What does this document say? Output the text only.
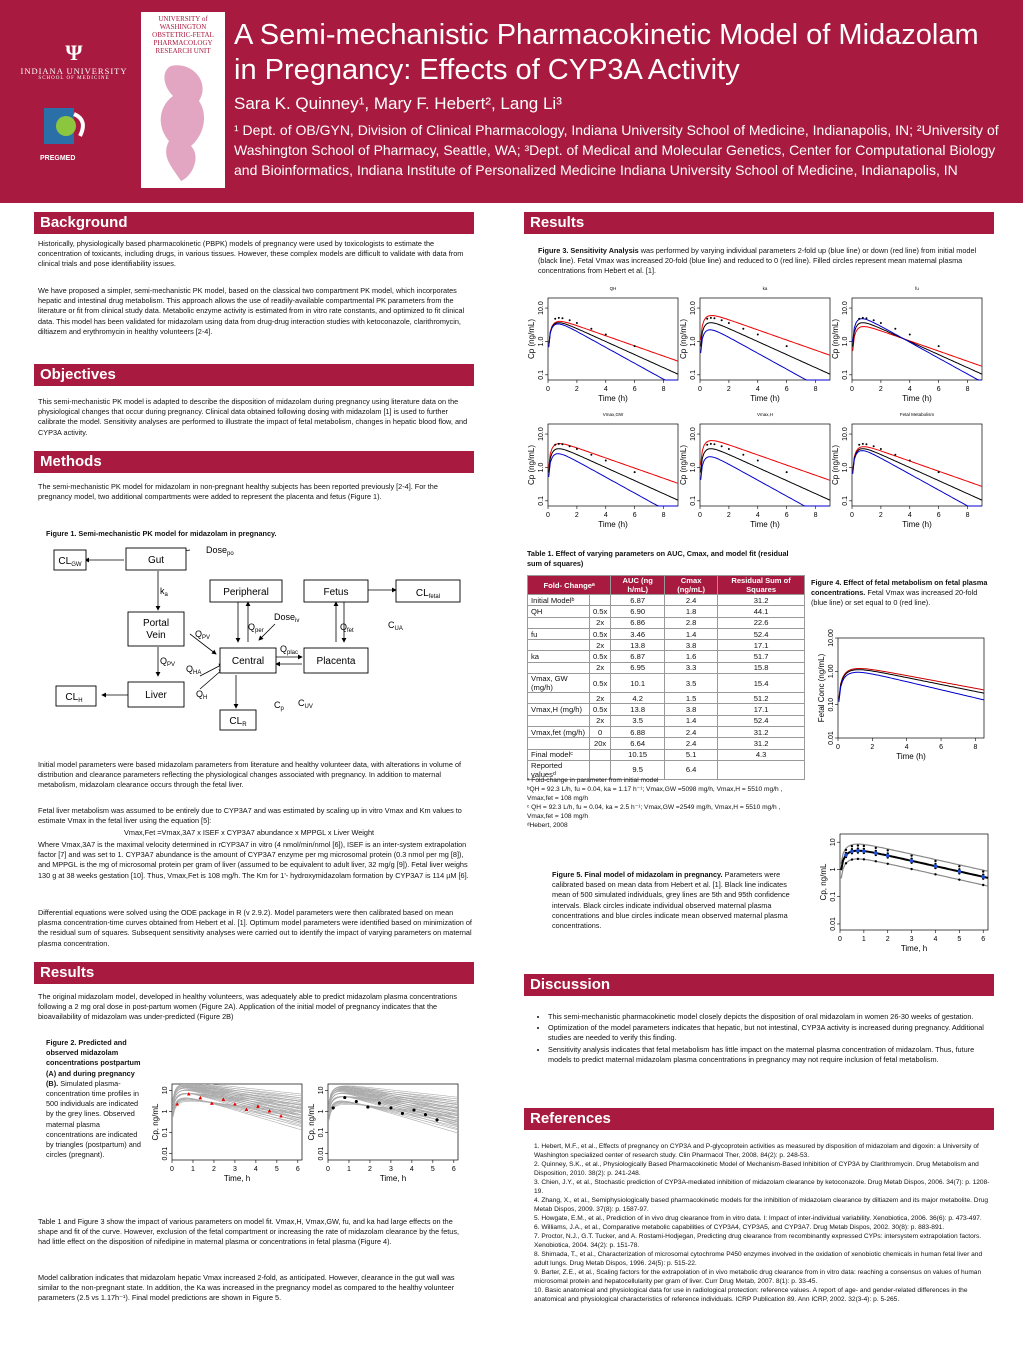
Ψ
INDIANA UNIVERSITY
SCHOOL OF MEDICINE
UNIVERSITY of WASHINGTON OBSTETRIC-FETAL PHARMACOLOGY RESEARCH UNIT
PREGMED
A Semi-mechanistic Pharmacokinetic Model of Midazolam
in Pregnancy: Effects of CYP3A Activity
Sara K. Quinney¹, Mary F. Hebert², Lang Li³
¹ Dept. of OB/GYN, Division of Clinical Pharmacology, Indiana University School of Medicine, Indianapolis, IN; ²University of Washington School of Pharmacy, Seattle, WA; ³Dept. of Medical and Molecular Genetics, Center for Computational Biology and Bioinformatics, Indiana Institute of Personalized Medicine Indiana University School of Medicine, Indianapolis, IN
Background
Historically, physiologically based pharmacokinetic (PBPK) models of pregnancy were used by toxicologists to estimate the concentration of toxicants, including drugs, in various tissues. However, these complex models are difficult to validate with data from clinical trials and pose identifiability issues.
We have proposed a simpler, semi-mechanistic PK model, based on the classical two compartment PK model, which incorporates hepatic and intestinal drug metabolism. This approach allows the use of readily-available compartmental PK parameters from the literature or fit from clinical study data. Metabolic enzyme activity is estimated from in vitro rate constants, and optimized to fit clinical data. This model has been validated for midazolam using data from drug-drug interaction studies with ketoconazole, clarithromycin, diltiazem and erythromycin in healthy volunteers [2-4].
Objectives
This semi-mechanistic PK model is adapted to describe the disposition of midazolam during pregnancy using literature data on the physiological changes that occur during pregnancy. Clinical data obtained following dosing with midazolam [1] is used to further calibrate the model. Sensitivity analyses are performed to illustrate the impact of fetal metabolism, changes in hepatic blood flow, and CYP3A activity.
Methods
The semi-mechanistic PK model for midazolam in non-pregnant healthy subjects has been reported previously [2-4]. For the pregnancy model, two additional compartments were added to represent the placenta and fetus (Figure 1).
Figure 1. Semi-mechanistic PK model for midazolam in pregnancy.
$CL_{GW}$	Gut
Peripheral	Fetus	$CL_{fetal}$
Portal
Vein
Central	Placenta
Liver
$CL_H$
$CL_R$
Dose$_{po}$
$k_a$
$Q_{PV}$
$Q_{per}$
Dose$_{iv}$
$Q_{fet}$
$C_{UA}$
$Q_{plac}$
$Q_{PV}$ $Q_{HA}$
$Q_H$
$C_p$
$C_{UV}$
Initial model parameters were based midazolam parameters from literature and healthy volunteer data, with alterations in volume of distribution and clearance parameters reflecting the physiological changes associated with pregnancy. In addition to maternal metabolism, midazolam clearance occurs through the fetal liver.
Fetal liver metabolism was assumed to be entirely due to CYP3A7 and was estimated by scaling up in vitro Vmax and Km values to estimate Vmax in the fetal liver using the equation [5]:
Vmax,Fet =Vmax,3A7 x ISEF x CYP3A7 abundance x MPPGL x Liver Weight
Where Vmax,3A7 is the maximal velocity determined in rCYP3A7 in vitro (4 nmol/min/nmol [6]), ISEF is an inter-system extrapolation factor [7] and was set to 1. CYP3A7 abundance is the amount of CYP3A7 enzyme per mg microsomal protein (0.3 nmol per mg [8]), and MPPGL is the mg of microsomal protein per gram of liver (assumed to be equivalent to adult liver, 32 mg/g [9]). Fetal liver weighs 130 g at 38 weeks gestation [10]. Thus, Vmax,Fet is 108 mg/h. The Km for 1'- hydroxymidazolam formation by CYP3A7 is 114 µM [6].
Differential equations were solved using the ODE package in R (v 2.9.2). Model parameters were then calibrated based on mean plasma concentration-time curves obtained from Hebert et al. [1]. Optimum model parameters were identified based on minimization of the residual sum of squares. Subsequent sensitivity analyses were carried out to identify the impact of varying parameters on maternal plasma concentration.
Results
The original midazolam model, developed in healthy volunteers, was adequately able to predict midazolam plasma concentrations following a 2 mg oral dose in post-partum women (Figure 2A). Application of the initial model of pregnancy indicates that the bioavailability of midazolam was under-predicted (Figure 2B)
Figure 2. Predicted and observed midazolam concentrations postpartum (A) and during pregnancy (B). Simulated plasma-concentration time profiles in 500 individuals are indicated by the grey lines. Observed maternal plasma concentrations are indicated by triangles (postpartum) and circles (pregnant).
0 1 2 3 4 5 6
0.01
0.1
1
10
Time, h
Cp, ng/mL
0 1 2 3 4 5 6
0.01
0.1
1
10
Time, h
Cp, ng/mL
Table 1 and Figure 3 show the impact of various parameters on model fit. Vmax,H, Vmax,GW, fu, and ka had large effects on the shape and fit of the curve. However, exclusion of the fetal compartment or increasing the rate of midazolam clearance by the fetus, had little effect on the disposition of nifedipine in maternal plasma or concentrations in fetal plasma (Figure 4).
Model calibration indicates that midazolam hepatic Vmax increased 2-fold, as anticipated. However, clearance in the gut wall was similar to the non-pregnant state. In addition, the Ka was increased in the pregnancy model as compared to the healthy volunteer parameters (2.5 vs 1.17h⁻¹). Final model predictions are shown in Figure 5.
Results
Figure 3. Sensitivity Analysis was performed by varying individual parameters 2-fold up (blue line) or down (red line) from initial model (black line). Fetal Vmax was increased 20-fold (blue line) and reduced to 0 (red line). Filled circles represent mean maternal plasma concentrations from Hebert et al. [1].
QH
0	2	4	6	8
0.1
1.0
10.0
Time (h)
Cp (ng/mL)
ka
0	2	4	6	8
0.1
1.0
10.0
Time (h)
Cp (ng/mL)
fu
0	2	4	6	8
0.1
1.0
10.0
Time (h)
Cp (ng/mL)
Vmax,GW
0	2	4	6	8
0.1
1.0
10.0
Time (h)
Cp (ng/mL)
Vmax,H
0	2	4	6	8
0.1
1.0
10.0
Time (h)
Cp (ng/mL)
Fetal Metabolism
0	2	4	6	8
0.1
1.0
10.0
Time (h)
Cp (ng/mL)
Table 1. Effect of varying parameters on AUC, Cmax, and model fit (residual sum of squares)
Fold- Changeᵃ		AUC (ng h/mL)	Cmax (ng/mL)	Residual Sum of Squares
Initial Modelᵇ		6.87	2.4	31.2
QH	0.5x	6.90	1.8	44.1
	2x	6.86	2.8	22.6
fu	0.5x	3.46	1.4	52.4
	2x	13.8	3.8	17.1
ka	0.5x	6.87	1.6	51.7
	2x	6.95	3.3	15.8
Vmax, GW (mg/h)	0.5x	10.1	3.5	15.4
	2x	4.2	1.5	51.2
Vmax,H (mg/h)	0.5x	13.8	3.8	17.1
	2x	3.5	1.4	52.4
Vmax,fet (mg/h)	0	6.88	2.4	31.2
	20x	6.64	2.4	31.2
Final modelᶜ		10.15	5.1	4.3
Reported valuesᵈ		9.5	6.4	
ᵃ Fold-change in parameter from initial model
ᵇQH = 92.3 L/h, fu = 0.04, ka = 1.17 h⁻¹; Vmax,GW =5098 mg/h, Vmax,H = 5510 mg/h , Vmax,fet = 108 mg/h
ᶜ QH = 92.3 L/h, fu = 0.04, ka = 2.5 h⁻¹; Vmax,GW =2549 mg/h, Vmax,H = 5510 mg/h , Vmax,fet = 108 mg/h
ᵈHebert, 2008
Figure 4. Effect of fetal metabolism on fetal plasma concentrations. Fetal Vmax was increased 20-fold (blue line) or set equal to 0 (red line).
0	2	4	6	8
0.01
0.10
1.00
10.00
Time (h)
Fetal Conc (ng/mL)
0	1	2	3	4	5	6
0.01
0.1
1
10
Time, h
Cp, ng/mL
Figure 5. Final model of midazolam in pregnancy. Parameters were calibrated based on mean data from Hebert et al. [1]. Black line indicates mean of 500 simulated individuals, grey lines are 5th and 95th confidence intervals. Black circles indicate individual observed maternal plasma concentrations and blue circles indicate mean observed maternal plasma concentrations.
Discussion
• This semi-mechanistic pharmacokinetic model closely depicts the disposition of oral midazolam in women 26-30 weeks of gestation.
• Optimization of the model parameters indicates that hepatic, but not intestinal, CYP3A activity is increased during pregnancy. Additional studies are needed to verify this finding.
• Sensitivity analysis indicates that fetal metabolism has little impact on the maternal plasma concentration of midazolam. Thus, future models to predict maternal midazolam plasma concentrations in pregnancy may not require inclusion of fetal metabolism.
References
1. Hebert, M.F., et al., Effects of pregnancy on CYP3A and P-glycoprotein activities as measured by disposition of midazolam and digoxin: a University of Washington specialized center of research study. Clin Pharmacol Ther, 2008. 84(2): p. 248-53.
2. Quinney, S.K., et al., Physiologically Based Pharmacokinetic Model of Mechanism-Based Inhibition of CYP3A by Clarithromycin. Drug Metabolism and Disposition, 2010. 38(2): p. 241-248.
3. Chien, J.Y., et al., Stochastic prediction of CYP3A-mediated inhibition of midazolam clearance by ketoconazole. Drug Metab Dispos, 2006. 34(7): p. 1208-19.
4. Zhang, X., et al., Semiphysiologically based pharmacokinetic models for the inhibition of midazolam clearance by diltiazem and its major metabolite. Drug Metab Dispos, 2009. 37(8): p. 1587-97.
5. Howgate, E.M., et al., Prediction of in vivo drug clearance from in vitro data. I: Impact of inter-individual variability. Xenobiotica, 2006. 36(6): p. 473-497.
6. Williams, J.A., et al., Comparative metabolic capabilities of CYP3A4, CYP3A5, and CYP3A7. Drug Metab Dispos, 2002. 30(8): p. 883-891.
7. Proctor, N.J., G.T. Tucker, and A. Rostami-Hodjegan, Predicting drug clearance from recombinantly expressed CYPs: intersystem extrapolation factors. Xenobiotica, 2004. 34(2): p. 151-78.
8. Shimada, T., et al., Characterization of microsomal cytochrome P450 enzymes involved in the oxidation of xenobiotic chemicals in human fetal liver and adult lungs. Drug Metab Dispos, 1996. 24(5): p. 515-22.
9. Barter, Z.E., et al., Scaling factors for the extrapolation of in vivo metabolic drug clearance from in vitro data: reaching a consensus on values of human microsomal protein and hepatocellularity per gram of liver. Curr Drug Metab, 2007. 8(1): p. 33-45.
10. Basic anatomical and physiological data for use in radiological protection: reference values. A report of age- and gender-related differences in the anatomical and physiological characteristics of reference individuals. ICRP Publication 89. Ann ICRP, 2002. 32(3-4): p. 5-265.
